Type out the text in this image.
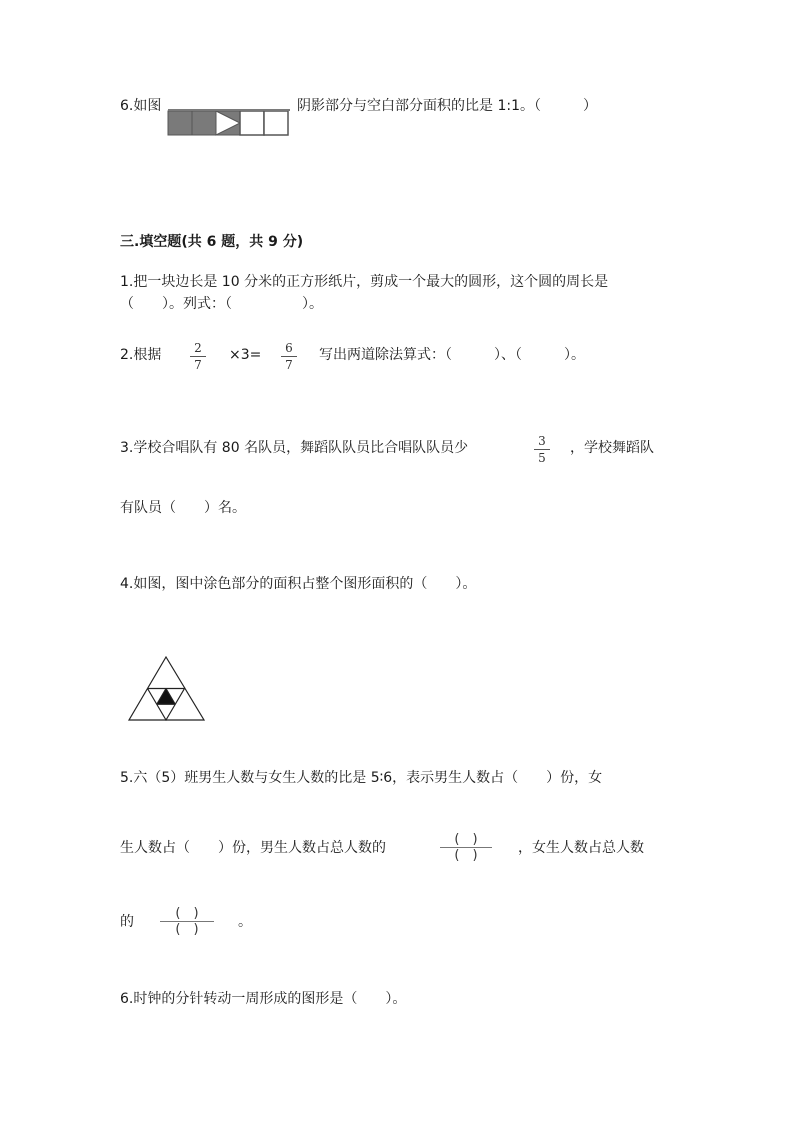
6.如图	阴影部分与空白部分面积的比是 1:1。（　　　）
三.填空题(共 6 题，共 9 分)
1.把一块边长是 10 分米的正方形纸片，剪成一个最大的圆形，这个圆的周长是
（　　）。列式：（　　　　　）。
2.根据	2
7
×3=	6
7
写出两道除法算式：（　　　）、（　　　）。
3.学校合唱队有 80 名队员，舞蹈队队员比合唱队队员少	3
5
，学校舞蹈队
有队员（　　）名。
4.如图，图中涂色部分的面积占整个图形面积的（　　）。
5.六（5）班男生人数与女生人数的比是 5∶6，表示男生人数占（　　）份，女
生人数占（　　）份，男生人数占总人数的
(　)
(　)	，女生人数占总人数
的
(　)
(　)	。
6.时钟的分针转动一周形成的图形是（　　）。
